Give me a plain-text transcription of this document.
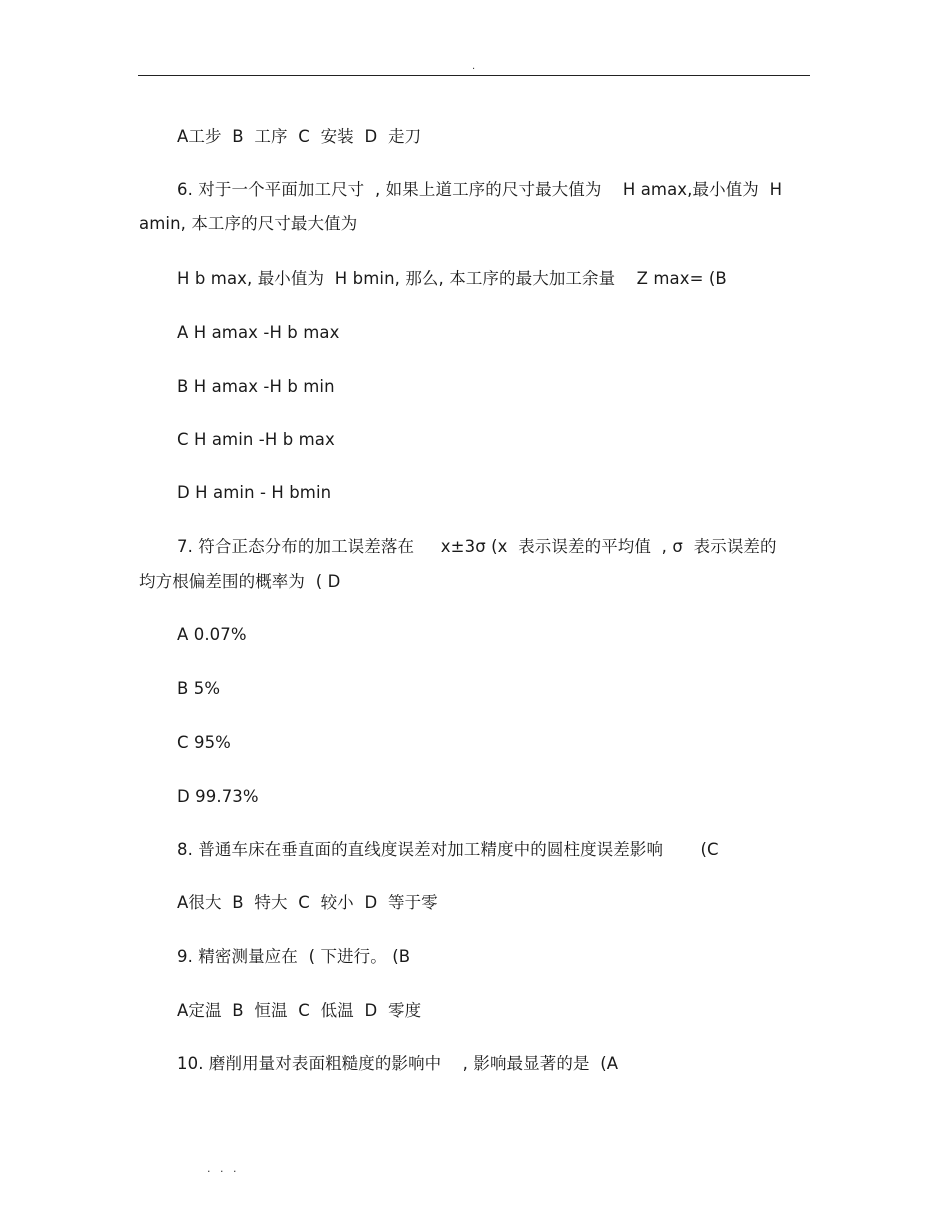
.
A工步  B  工序  C  安装  D  走刀
6. 对于一个平面加工尺寸  , 如果上道工序的尺寸最大值为    H amax,最小值为  H
amin, 本工序的尺寸最大值为
H b max, 最小值为  H bmin, 那么, 本工序的最大加工余量    Z max= (B
A H amax -H b max
B H amax -H b min
C H amin -H b max
D H amin - H bmin
7. 符合正态分布的加工误差落在     x±3σ (x  表示误差的平均值  , σ  表示误差的
均方根偏差围的概率为  ( D
A 0.07%
B 5%
C 95%
D 99.73%
8. 普通车床在垂直面的直线度误差对加工精度中的圆柱度误差影响       (C
A很大  B  特大  C  较小  D  等于零
9. 精密测量应在  ( 下进行。 (B
A定温  B  恒温  C  低温  D  零度
10. 磨削用量对表面粗糙度的影响中    , 影响最显著的是  (A
. . .
